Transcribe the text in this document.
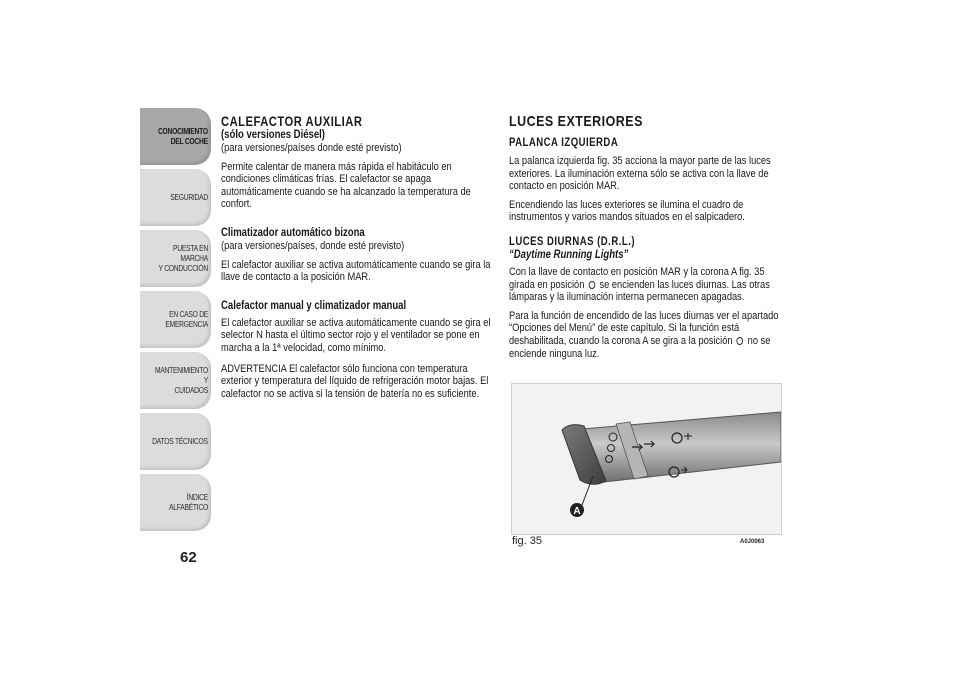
CONOCIMIENTO
DEL COCHE
SEGURIDAD
PUESTA EN MARCHA
Y CONDUCCIÓN
EN CASO DE
EMERGENCIA
MANTENIMIENTO Y
CUIDADOS
DATOS TÉCNICOS
ÍNDICE ALFABÉTICO
62
CALEFACTOR AUXILIAR
(sólo versiones Diésel)
(para versiones/países donde esté previsto)
Permite calentar de manera más rápida el habitáculo en condiciones climáticas frías. El calefactor se apaga automáticamente cuando se ha alcanzado la temperatura de confort.
Climatizador automático bizona
(para versiones/países, donde esté previsto)
El calefactor auxiliar se activa automáticamente cuando se gira la llave de contacto a la posición MAR.
Calefactor manual y climatizador manual
El calefactor auxiliar se activa automáticamente cuando se gira el selector N hasta el último sector rojo y el ventilador se pone en marcha a la 1ª velocidad, como mínimo.
ADVERTENCIA El calefactor sólo funciona con temperatura exterior y temperatura del líquido de refrigeración motor bajas. El calefactor no se activa si la tensión de batería no es suficiente.
LUCES EXTERIORES
PALANCA IZQUIERDA
La palanca izquierda fig. 35 acciona la mayor parte de las luces exteriores. La iluminación externa sólo se activa con la llave de contacto en posición MAR.
Encendiendo las luces exteriores se ilumina el cuadro de instrumentos y varios mandos situados en el salpicadero.
LUCES DIURNAS (D.R.L.)
“Daytime Running Lights”
Con la llave de contacto en posición MAR y la corona A fig. 35 girada en posición se encienden las luces diurnas. Las otras lámparas y la iluminación interna permanecen apagadas.
Para la función de encendido de las luces diurnas ver el apartado “Opciones del Menú” de este capítulo. Si la función está deshabilitada, cuando la corona A se gira a la posición no se enciende ninguna luz.
A
fig. 35	A0J0063
